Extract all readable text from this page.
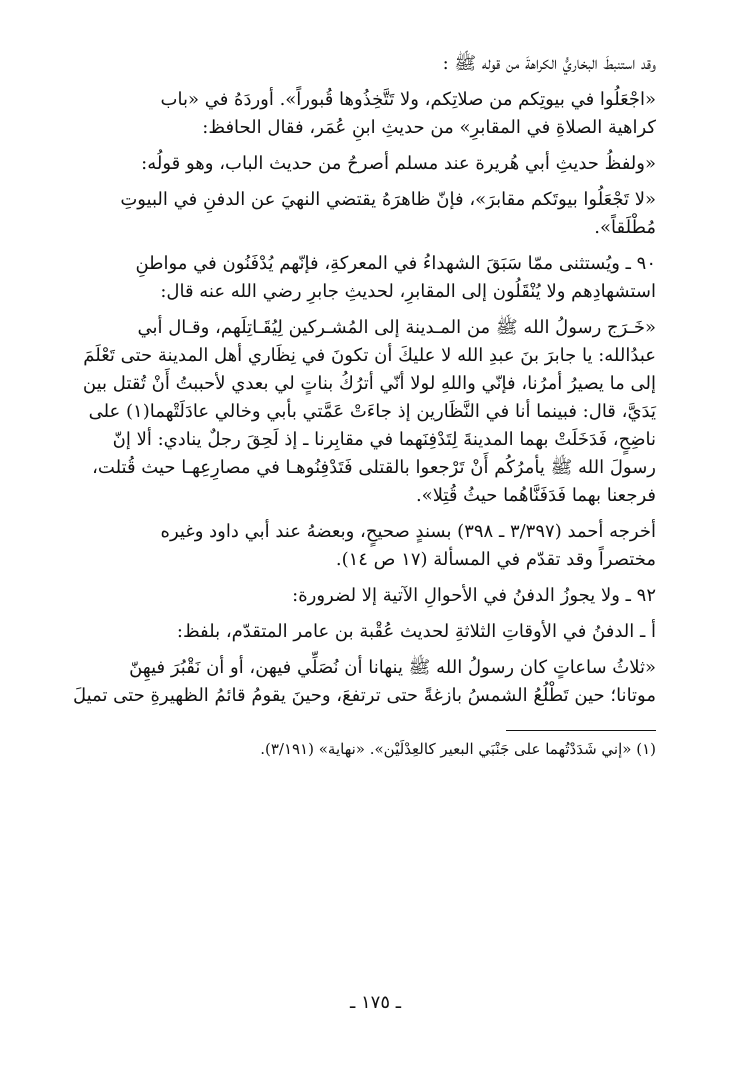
وقد استنبطَ البخاريُّ الكراهةَ من قوله ﷺ :
«اجْعَلُوا في بيوتِكم من صلاتِكم، ولا تَتَّخِذُوها قُبوراً». أوردَهُ في «باب
كراهية الصلاةِ في المقابرِ» من حديثِ ابنِ عُمَر، فقال الحافظ:
«ولفظُ حديثِ أبي هُريرة عند مسلم أصرحُ من حديث الباب، وهو قولُه:
«لا تَجْعَلُوا بيوتَكم مقابرَ»، فإنّ ظاهرَهُ يقتضي النهيَ عن الدفنِ في البيوتِ
مُطْلَقاً».
٩٠ ـ ويُستثنى ممّا سَبَقَ الشهداءُ في المعركةِ، فإنّهم يُدْفَنُون في مواطنِ
استشهادِهم ولا يُنْقَلُون إلى المقابرِ، لحديثِ جابرِ رضي الله عنه قال:
«خَـرَج رسولُ الله ﷺ من المـدينة إلى المُشـركين لِيُقَـاتِلَهم، وقـال أبي
عبدُالله: يا جابرَ بنَ عبدِ الله لا عليكَ أن تكونَ في نِظَاري أهل المدينة حتى تَعْلَمَ
إلى ما يصيرُ أمرُنا، فإنّي واللهِ لولا أنّي أترُكُ بناتٍ لي بعدي لأحببتُ أَنْ تُقتل بين
يَدَيَّ، قال: فبينما أنا في النَّظَارين إذ جاءَتْ عَمَّتي بأبي وخالي عادَلَتْهما(١) على
ناضِحٍ، فَدَخَلَتْ بهما المدينةَ لِتَدْفِنَهما في مقابِرنا ـ إذ لَحِقَ رجلٌ ينادي: ألا إنّ
رسولَ الله ﷺ يأمرُكُم أَنْ تَرْجعوا بالقتلى فَتَدْفِنُوهـا في مصارِعِهـا حيث قُتلت،
فرجعنا بهما فَدَفَنَّاهُما حيثُ قُتِلا».
أخرجه أحمد (٣/٣٩٧ ـ ٣٩٨) بسندٍ صحيحٍ، وبعضهُ عند أبي داود وغيره
مختصراً وقد تقدّم في المسألة (١٧ ص ١٤).
٩٢ ـ ولا يجوزُ الدفنُ في الأحوالِ الآتية إلا لضرورة:
أ ـ الدفنُ في الأوقاتِ الثلاثةِ لحديث عُقْبة بن عامر المتقدّم، بلفظ:
«ثلاثُ ساعاتٍ كان رسولُ الله ﷺ ينهانا أن نُصَلِّي فيهن، أو أن نَقْبُرَ فيهِنّ
موتانا؛ حين تَطْلُعُ الشمسُ بازغةً حتى ترتفعَ، وحينَ يقومُ قائمُ الظهيرةِ حتى تميلَ
(١) «إني شَدَدْتُهما على جَنْبَي البعير كالعِدْلَيْن». «نهاية» (٣/١٩١).
ـ ١٧٥ ـ
